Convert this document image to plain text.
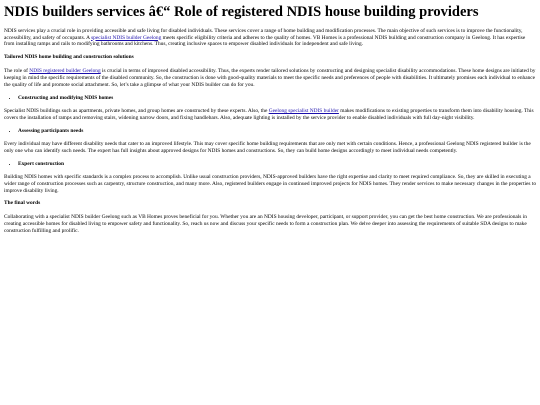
NDIS builders services â€“ Role of registered NDIS house building providers

NDIS services play a crucial role in providing accessible and safe living for disabled individuals. These services cover a range of home building and modification processes. The main objective of such services is to improve the functionality, accessibility, and safety of occupants. A specialist NDIS builder Geelong meets specific eligibility criteria and adheres to the quality of homes. VB Homes is a professional NDIS building and construction company in Geelong. It has expertise from installing ramps and rails to modifying bathrooms and kitchens. Thus, creating inclusive spaces to empower disabled individuals for independent and safe living.

Tailored NDIS home building and construction solutions

The role of NDIS registered builder Geelong is crucial in terms of improved disabled accessibility. Thus, the experts render tailored solutions by constructing and designing specialist disability accommodations. These home designs are initiated by keeping in mind the specific requirements of the disabled community. So, the construction is done with good-quality materials to meet the specific needs and preferences of people with disabilities. It ultimately promises each individual to enhance the quality of life and promote social attachment. So, let’s take a glimpse of what your NDIS builder can do for you.

• Constructing and modifying NDIS homes

Specialist NDIS buildings such as apartments, private homes, and group homes are constructed by these experts. Also, the Geelong specialist NDIS builder makes modifications to existing properties to transform them into disability housing. This covers the installation of ramps and removing stairs, widening narrow doors, and fixing handlebars. Also, adequate lighting is installed by the service provider to enable disabled individuals with full day-night visibility.

• Assessing participants needs

Every individual may have different disability needs that cater to an improved lifestyle. This may cover specific home building requirements that are only met with certain conditions. Hence, a professional Geelong NDIS registered builder is the only one who can identify such needs. The expert has full insights about approved designs for NDIS homes and constructions. So, they can build home designs accordingly to meet individual needs competently.

• Expert construction

Building NDIS homes with specific standards is a complex process to accomplish. Unlike usual construction providers, NDIS-approved builders have the right expertise and clarity to meet required compliance. So, they are skilled in executing a wider range of construction processes such as carpentry, structure construction, and many more. Also, registered builders engage in continued improved projects for NDIS homes. They render services to make necessary changes in the properties to improve disability living.

The final words

Collaborating with a specialist NDIS builder Geelong such as VB Homes proves beneficial for you. Whether you are an NDIS housing developer, participant, or support provider, you can get the best home construction. We are professionals in creating accessible homes for disabled living to empower safety and functionality. So, reach us now and discuss your specific needs to form a construction plan. We delve deeper into assessing the requirements of suitable SDA designs to make construction fulfilling and prolific.
